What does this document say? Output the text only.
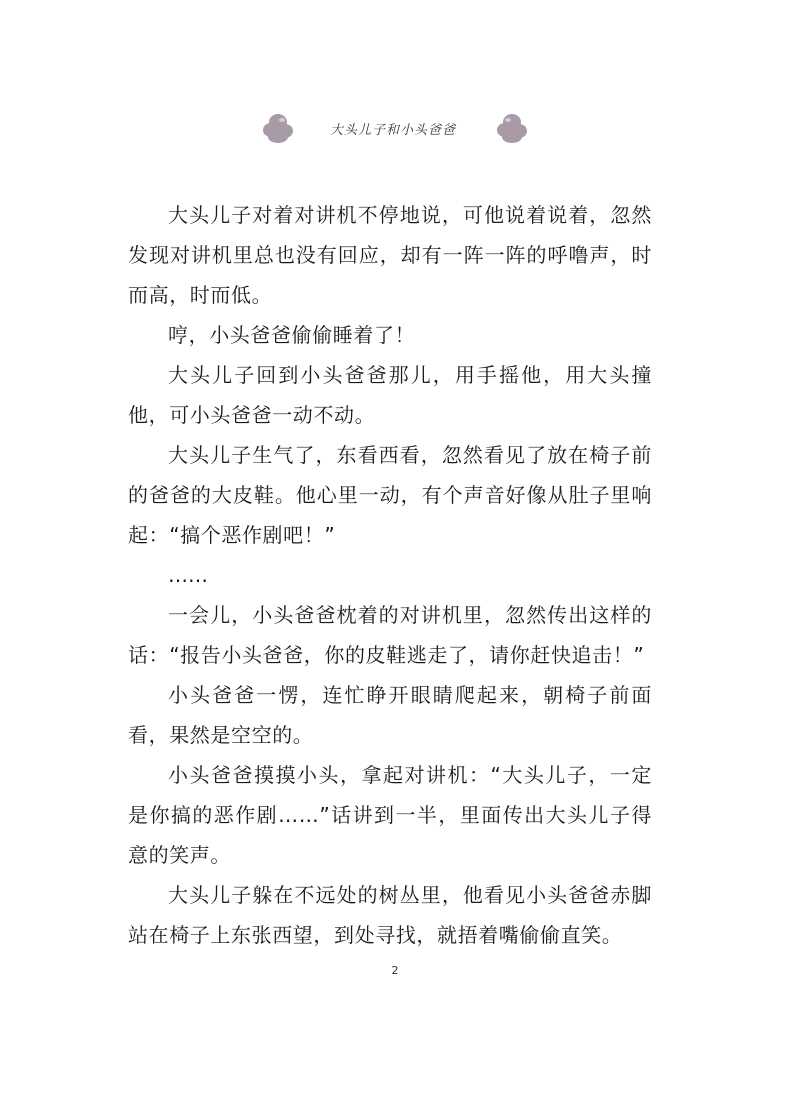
大头儿子和小头爸爸

大头儿子对着对讲机不停地说，可他说着说着，忽然发现对讲机里总也没有回应，却有一阵一阵的呼噜声，时而高，时而低。

哼，小头爸爸偷偷睡着了！

大头儿子回到小头爸爸那儿，用手摇他，用大头撞他，可小头爸爸一动不动。

大头儿子生气了，东看西看，忽然看见了放在椅子前的爸爸的大皮鞋。他心里一动，有个声音好像从肚子里响起：“搞个恶作剧吧！”

……

一会儿，小头爸爸枕着的对讲机里，忽然传出这样的话：“报告小头爸爸，你的皮鞋逃走了，请你赶快追击！”

小头爸爸一愣，连忙睁开眼睛爬起来，朝椅子前面看，果然是空空的。

小头爸爸摸摸小头，拿起对讲机：“大头儿子，一定是你搞的恶作剧……”话讲到一半，里面传出大头儿子得意的笑声。

大头儿子躲在不远处的树丛里，他看见小头爸爸赤脚站在椅子上东张西望，到处寻找，就捂着嘴偷偷直笑。

2
